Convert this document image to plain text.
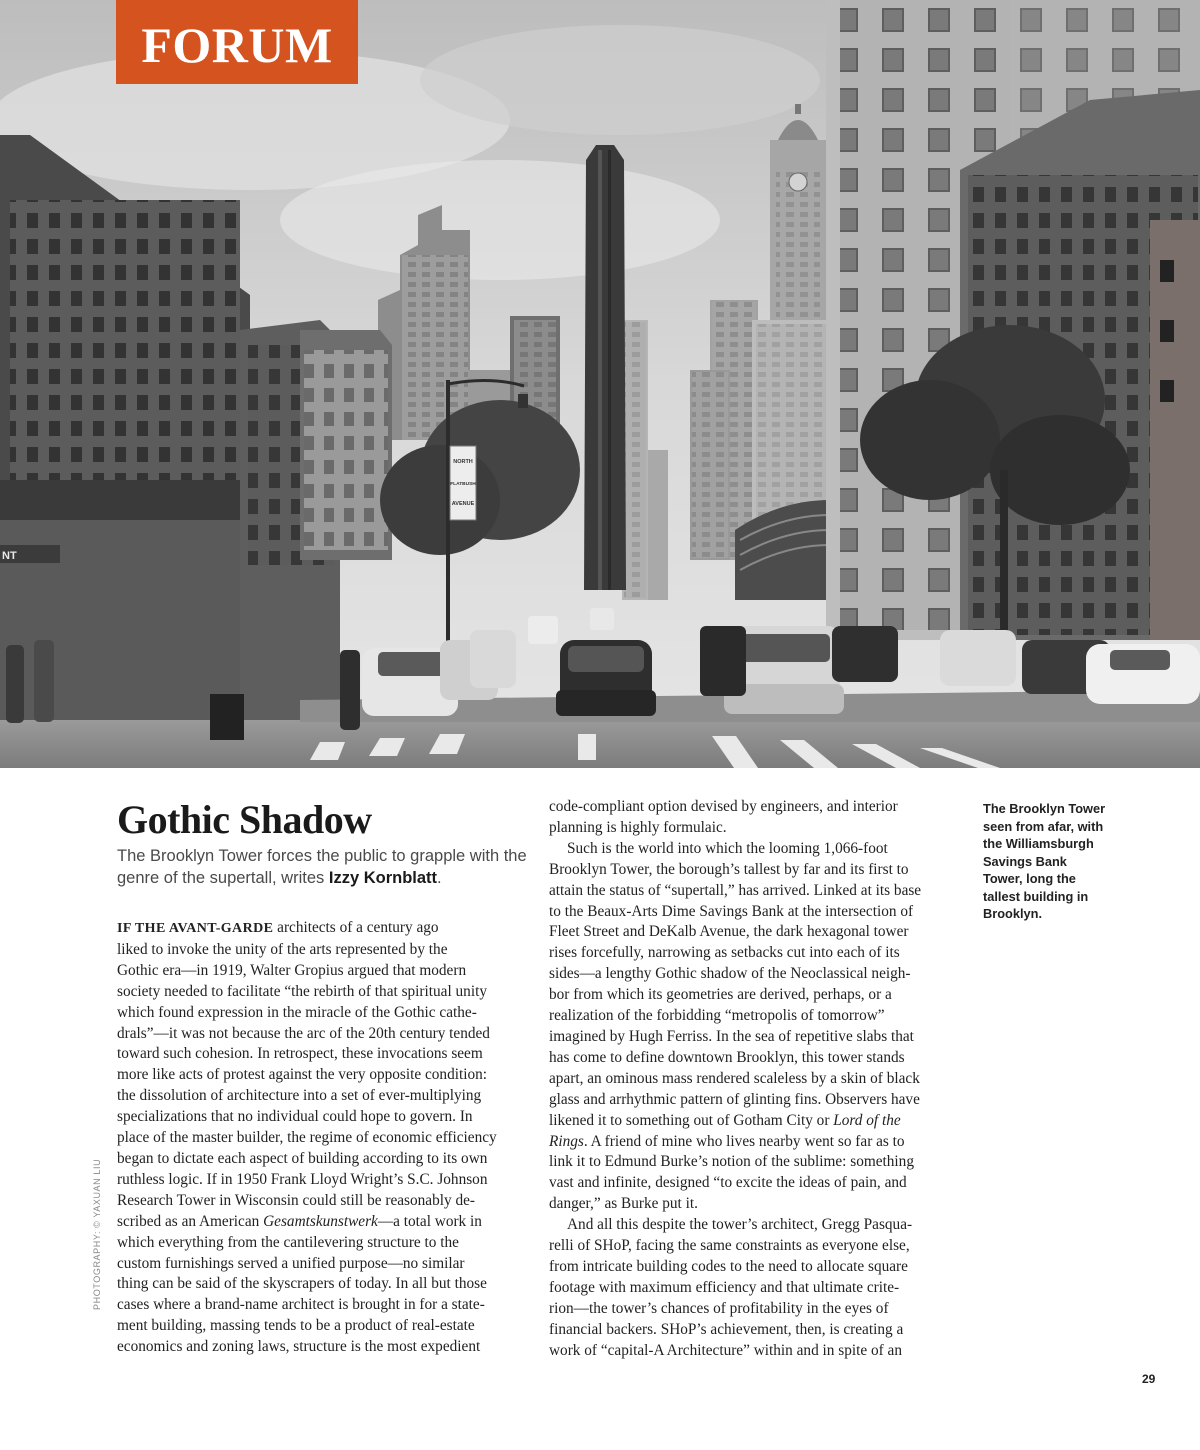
NT
NORTH
FLATBUSH
AVENUE
FORUM
Gothic Shadow

The Brooklyn Tower forces the public to grapple with the genre of the supertall, writes Izzy Kornblatt.

IF THE AVANT-GARDE architects of a century ago
liked to invoke the unity of the arts represented by the
Gothic era—in 1919, Walter Gropius argued that modern
society needed to facilitate “the rebirth of that spiritual unity
which found expression in the miracle of the Gothic cathe-
drals”—it was not because the arc of the 20th century tended
toward such cohesion. In retrospect, these invocations seem
more like acts of protest against the very opposite condition:
the dissolution of architecture into a set of ever-multiplying
specializations that no individual could hope to govern. In
place of the master builder, the regime of economic efficiency
began to dictate each aspect of building according to its own
ruthless logic. If in 1950 Frank Lloyd Wright’s S.C. Johnson
Research Tower in Wisconsin could still be reasonably de-
scribed as an American Gesamtskunstwerk—a total work in
which everything from the cantilevering structure to the
custom furnishings served a unified purpose—no similar
thing can be said of the skyscrapers of today. In all but those
cases where a brand-name architect is brought in for a state-
ment building, massing tends to be a product of real-estate
economics and zoning laws, structure is the most expedient
code-compliant option devised by engineers, and interior
planning is highly formulaic.
Such is the world into which the looming 1,066-foot
Brooklyn Tower, the borough’s tallest by far and its first to
attain the status of “supertall,” has arrived. Linked at its base
to the Beaux-Arts Dime Savings Bank at the intersection of
Fleet Street and DeKalb Avenue, the dark hexagonal tower
rises forcefully, narrowing as setbacks cut into each of its
sides—a lengthy Gothic shadow of the Neoclassical neigh-
bor from which its geometries are derived, perhaps, or a
realization of the forbidding “metropolis of tomorrow”
imagined by Hugh Ferriss. In the sea of repetitive slabs that
has come to define downtown Brooklyn, this tower stands
apart, an ominous mass rendered scaleless by a skin of black
glass and arrhythmic pattern of glinting fins. Observers have
likened it to something out of Gotham City or Lord of the
Rings. A friend of mine who lives nearby went so far as to
link it to Edmund Burke’s notion of the sublime: something
vast and infinite, designed “to excite the ideas of pain, and
danger,” as Burke put it.
And all this despite the tower’s architect, Gregg Pasqua-
relli of SHoP, facing the same constraints as everyone else,
from intricate building codes to the need to allocate square
footage with maximum efficiency and that ultimate crite-
rion—the tower’s chances of profitability in the eyes of
financial backers. SHoP’s achievement, then, is creating a
work of “capital-A Architecture” within and in spite of an

The Brooklyn Tower seen from afar, with the Williamsburgh Savings Bank Tower, long the tallest building in Brooklyn.

PHOTOGRAPHY: © YAXUAN LIU
29
